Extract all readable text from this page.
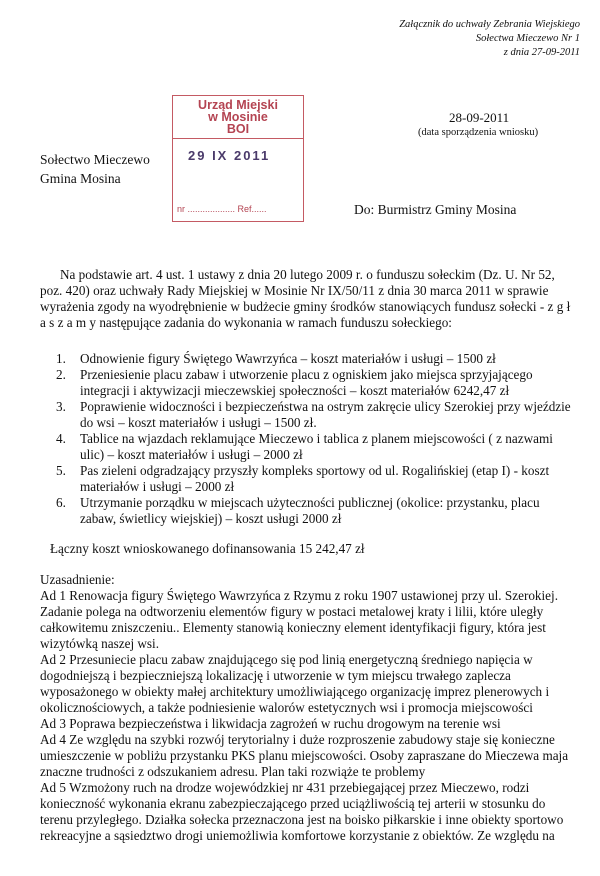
Załącznik do uchwały Zebrania Wiejskiego
Sołectwa Mieczewo Nr 1
z dnia 27-09-2011
Urząd Miejski
w Mosinie
BOI
29 IX 2011
nr ................... Ref......
28-09-2011
(data sporządzenia wniosku)
Sołectwo Mieczewo
Gmina Mosina
Do: Burmistrz Gminy Mosina
Na podstawie art. 4 ust. 1 ustawy z dnia 20 lutego 2009 r. o funduszu sołeckim (Dz. U. Nr 52, poz. 420) oraz uchwały Rady Miejskiej w Mosinie Nr IX/50/11 z dnia 30 marca 2011 w sprawie wyrażenia zgody na wyodrębnienie w budżecie gminy środków stanowiących fundusz sołecki - z g ł a s z a m y następujące zadania do wykonania w ramach funduszu sołeckiego:
1.	Odnowienie figury Świętego Wawrzyńca – koszt materiałów i usługi – 1500 zł
2.	Przeniesienie placu zabaw i utworzenie placu z ogniskiem jako miejsca sprzyjającego integracji i aktywizacji mieczewskiej społeczności – koszt materiałów 6242,47 zł
3.	Poprawienie widoczności i bezpieczeństwa na ostrym zakręcie ulicy Szerokiej przy wjeździe do wsi – koszt materiałów i usługi – 1500 zł.
4.	Tablice na wjazdach reklamujące Mieczewo i tablica z planem miejscowości ( z nazwami ulic) – koszt materiałów i usługi – 2000 zł
5.	Pas zieleni odgradzający przyszły kompleks sportowy od ul. Rogalińskiej (etap I) - koszt materiałów i usługi – 2000 zł
6.	Utrzymanie porządku w miejscach użyteczności publicznej (okolice: przystanku, placu zabaw, świetlicy wiejskiej) – koszt usługi 2000 zł
Łączny koszt wnioskowanego dofinansowania 15 242,47 zł
Uzasadnienie:
Ad 1 Renowacja figury Świętego Wawrzyńca z Rzymu z roku 1907 ustawionej przy ul. Szerokiej. Zadanie polega na odtworzeniu elementów figury w postaci metalowej kraty i lilii, które uległy całkowitemu zniszczeniu.. Elementy stanowią konieczny element identyfikacji figury, która jest wizytówką naszej wsi.
Ad 2 Przesuniecie placu zabaw znajdującego się pod linią energetyczną średniego napięcia w dogodniejszą i bezpieczniejszą lokalizację i utworzenie w tym miejscu trwałego zaplecza wyposażonego w obiekty małej architektury umożliwiającego organizację imprez plenerowych i okolicznościowych, a także podniesienie walorów estetycznych wsi i promocja miejscowości
Ad 3 Poprawa bezpieczeństwa i likwidacja zagrożeń w ruchu drogowym na terenie wsi
Ad 4 Ze względu na szybki rozwój terytorialny i duże rozproszenie zabudowy staje się konieczne umieszczenie w pobliżu przystanku PKS planu miejscowości. Osoby zapraszane do Mieczewa maja znaczne trudności z odszukaniem adresu. Plan taki rozwiąże te problemy
Ad 5 Wzmożony ruch na drodze wojewódzkiej nr 431 przebiegającej przez Mieczewo, rodzi konieczność wykonania ekranu zabezpieczającego przed uciążliwością tej arterii w stosunku do terenu przyległego. Działka sołecka przeznaczona jest na boisko piłkarskie i inne obiekty sportowo rekreacyjne a sąsiedztwo drogi uniemożliwia komfortowe korzystanie z obiektów. Ze względu na
